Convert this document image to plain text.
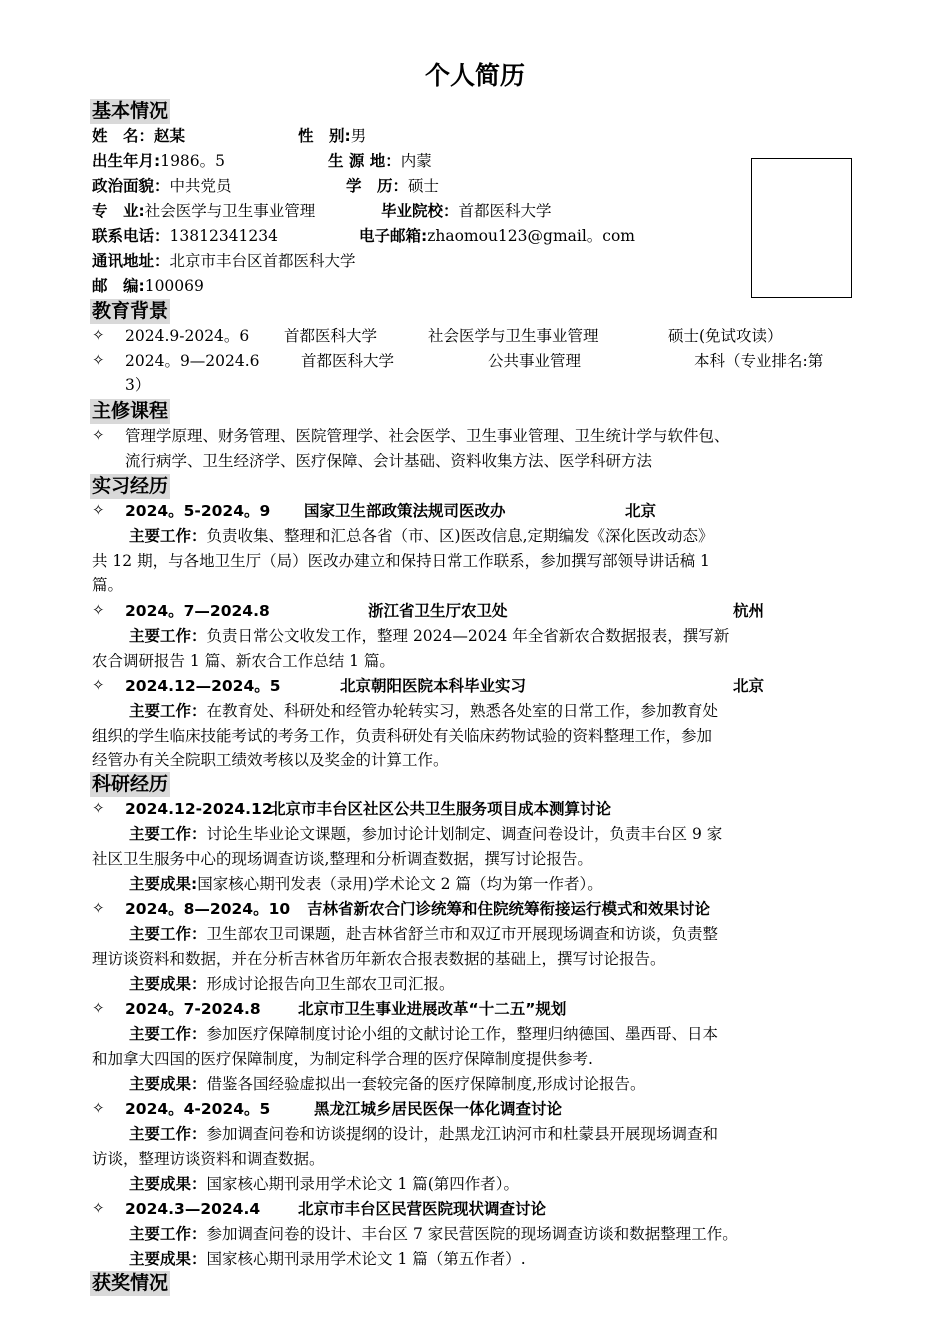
个人简历
基本情况
姓　名：赵某	性　别:男
出生年月:1986。5	生 源 地：内蒙
政治面貌：中共党员	学　历：硕士
专　业:社会医学与卫生事业管理	毕业院校：首都医科大学
联系电话：13812341234	电子邮箱:zhaomou123@gmail。com
通讯地址：北京市丰台区首都医科大学
邮　编:100069
教育背景
✧ 2024.9-2024。6 首都医科大学	社会医学与卫生事业管理	硕士(免试攻读）
✧ 2024。9—2024.6	首都医科大学	公共事业管理	本科（专业排名:第
3）
主修课程
✧ 管理学原理、财务管理、医院管理学、社会医学、卫生事业管理、卫生统计学与软件包、
流行病学、卫生经济学、医疗保障、会计基础、资料收集方法、医学科研方法
实习经历
✧ 2024。5-2024。9 国家卫生部政策法规司医改办	北京
主要工作：负责收集、整理和汇总各省（市、区)医改信息,定期编发《深化医改动态》
共 12 期，与各地卫生厅（局）医改办建立和保持日常工作联系，参加撰写部领导讲话稿 1
篇。
✧ 2024。7—2024.8	浙江省卫生厅农卫处	杭州
主要工作：负责日常公文收发工作，整理 2024—2024 年全省新农合数据报表，撰写新
农合调研报告 1 篇、新农合工作总结 1 篇。
✧ 2024.12—2024。5	北京朝阳医院本科毕业实习	北京
主要工作：在教育处、科研处和经管办轮转实习，熟悉各处室的日常工作，参加教育处
组织的学生临床技能考试的考务工作，负责科研处有关临床药物试验的资料整理工作，参加
经管办有关全院职工绩效考核以及奖金的计算工作。
科研经历
✧ 2024.12-2024.12
北京市丰台区社区公共卫生服务项目成本测算讨论
主要工作：讨论生毕业论文课题，参加讨论计划制定、调查问卷设计，负责丰台区 9 家
社区卫生服务中心的现场调查访谈,整理和分析调查数据，撰写讨论报告。
主要成果:国家核心期刊发表（录用)学术论文 2 篇（均为第一作者）。
✧ 2024。8—2024。10 吉林省新农合门诊统筹和住院统筹衔接运行模式和效果讨论
主要工作：卫生部农卫司课题，赴吉林省舒兰市和双辽市开展现场调查和访谈，负责整
理访谈资料和数据，并在分析吉林省历年新农合报表数据的基础上，撰写讨论报告。
主要成果：形成讨论报告向卫生部农卫司汇报。
✧ 2024。7-2024.8 北京市卫生事业进展改革“十二五”规划
主要工作：参加医疗保障制度讨论小组的文献讨论工作，整理归纳德国、墨西哥、日本
和加拿大四国的医疗保障制度，为制定科学合理的医疗保障制度提供参考.
主要成果：借鉴各国经验虚拟出一套较完备的医疗保障制度,形成讨论报告。
✧ 2024。4-2024。5	黑龙江城乡居民医保一体化调查讨论
主要工作：参加调查问卷和访谈提纲的设计，赴黑龙江讷河市和杜蒙县开展现场调查和
访谈，整理访谈资料和调查数据。
主要成果：国家核心期刊录用学术论文 1 篇(第四作者）。
✧ 2024.3—2024.4 北京市丰台区民营医院现状调查讨论
主要工作：参加调查问卷的设计、丰台区 7 家民营医院的现场调查访谈和数据整理工作。
主要成果：国家核心期刊录用学术论文 1 篇（第五作者）.
获奖情况
